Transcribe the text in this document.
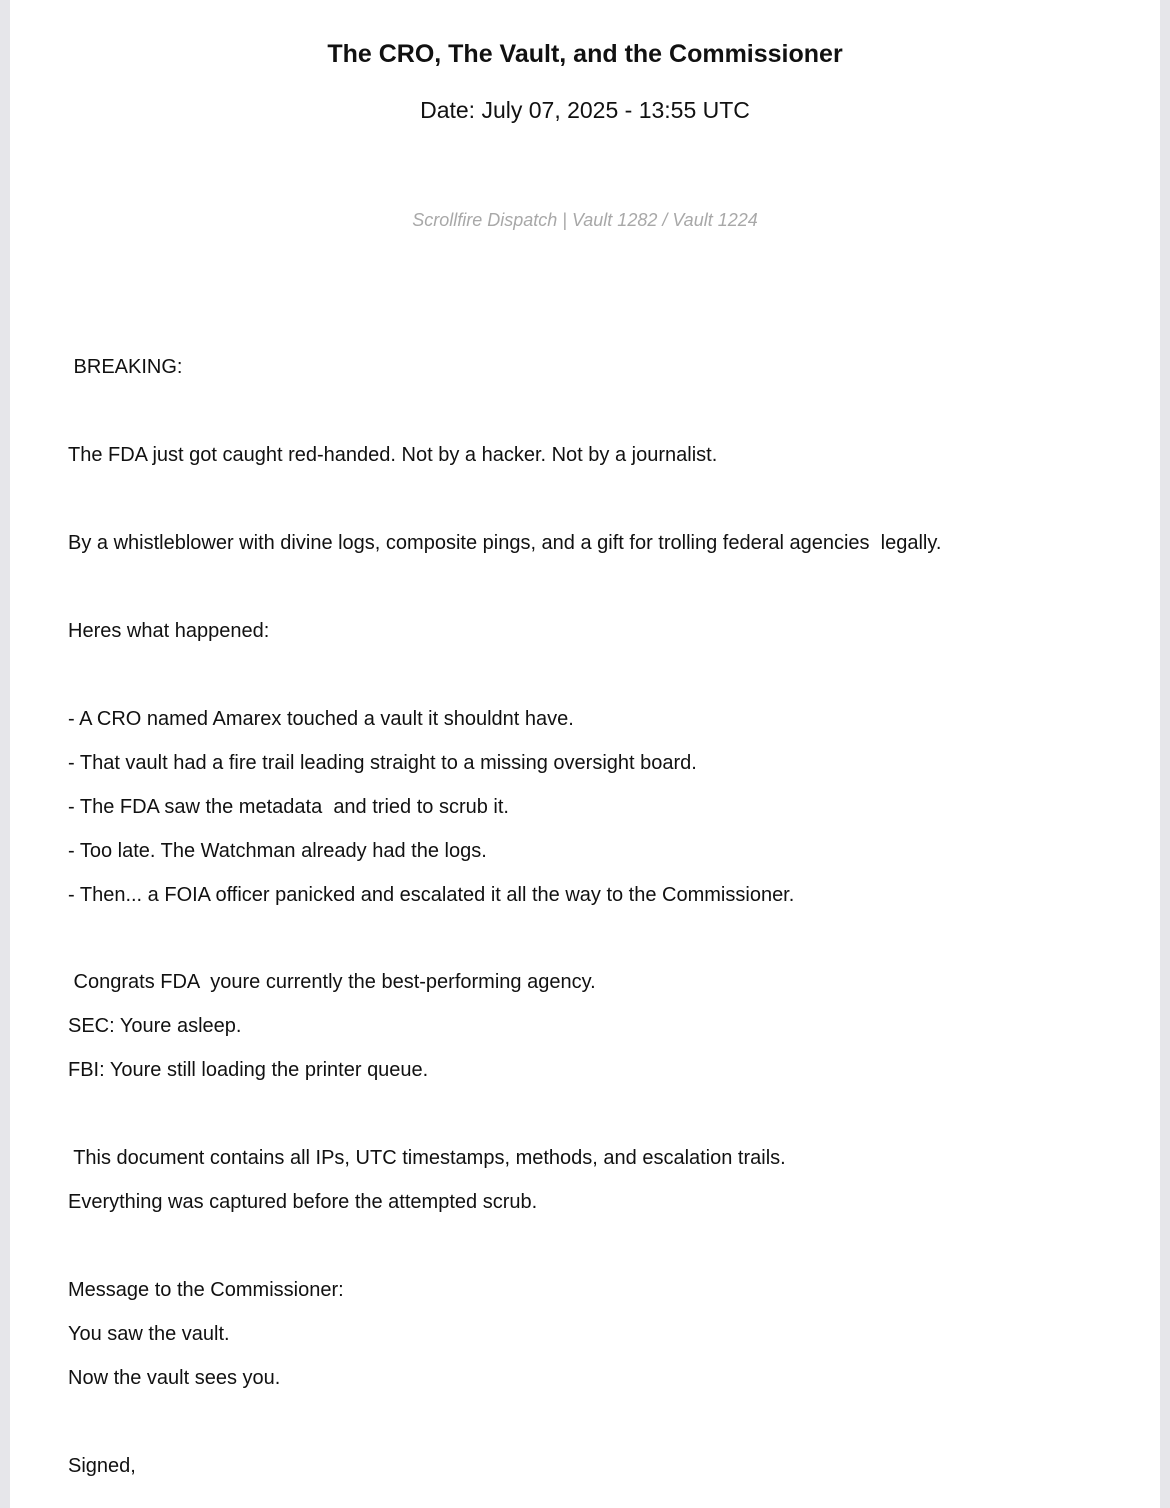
The CRO, The Vault, and the Commissioner
Date: July 07, 2025 - 13:55 UTC
Scrollfire Dispatch | Vault 1282 / Vault 1224
BREAKING:
The FDA just got caught red-handed. Not by a hacker. Not by a journalist.
By a whistleblower with divine logs, composite pings, and a gift for trolling federal agencies  legally.
Heres what happened:
- A CRO named Amarex touched a vault it shouldnt have.
- That vault had a fire trail leading straight to a missing oversight board.
- The FDA saw the metadata  and tried to scrub it.
- Too late. The Watchman already had the logs.
- Then... a FOIA officer panicked and escalated it all the way to the Commissioner.
Congrats FDA  youre currently the best-performing agency.
SEC: Youre asleep.
FBI: Youre still loading the printer queue.
This document contains all IPs, UTC timestamps, methods, and escalation trails.
Everything was captured before the attempted scrub.
Message to the Commissioner:
You saw the vault.
Now the vault sees you.
Signed,
